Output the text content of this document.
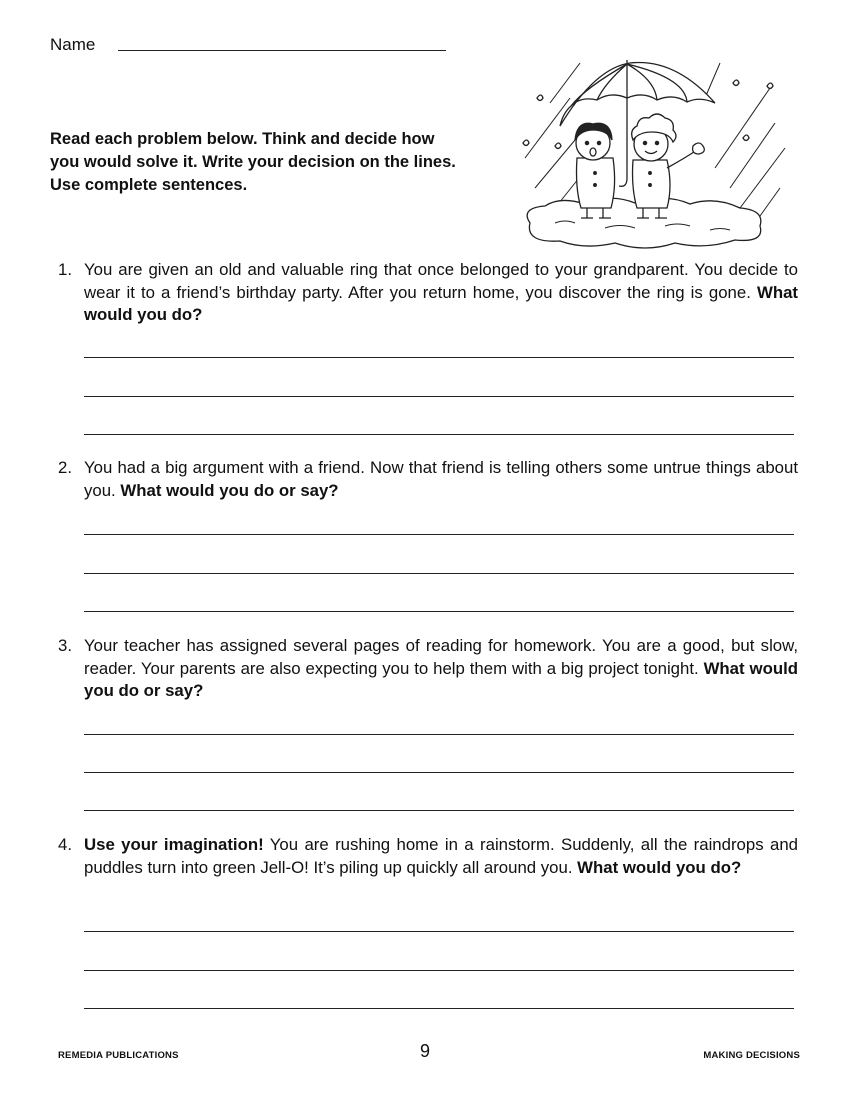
Name
Read each problem below. Think and decide how you would solve it. Write your decision on the lines. Use complete sentences.
1. You are given an old and valuable ring that once belonged to your grandparent. You decide to wear it to a friend’s birthday party. After you return home, you discover the ring is gone. What would you do?
2. You had a big argument with a friend. Now that friend is telling others some untrue things about you. What would you do or say?
3. Your teacher has assigned several pages of reading for homework. You are a good, but slow, reader. Your parents are also expecting you to help them with a big project tonight. What would you do or say?
4. Use your imagination! You are rushing home in a rainstorm. Suddenly, all the raindrops and puddles turn into green Jell-O! It’s piling up quickly all around you. What would you do?
REMEDIA PUBLICATIONS	9	MAKING DECISIONS
